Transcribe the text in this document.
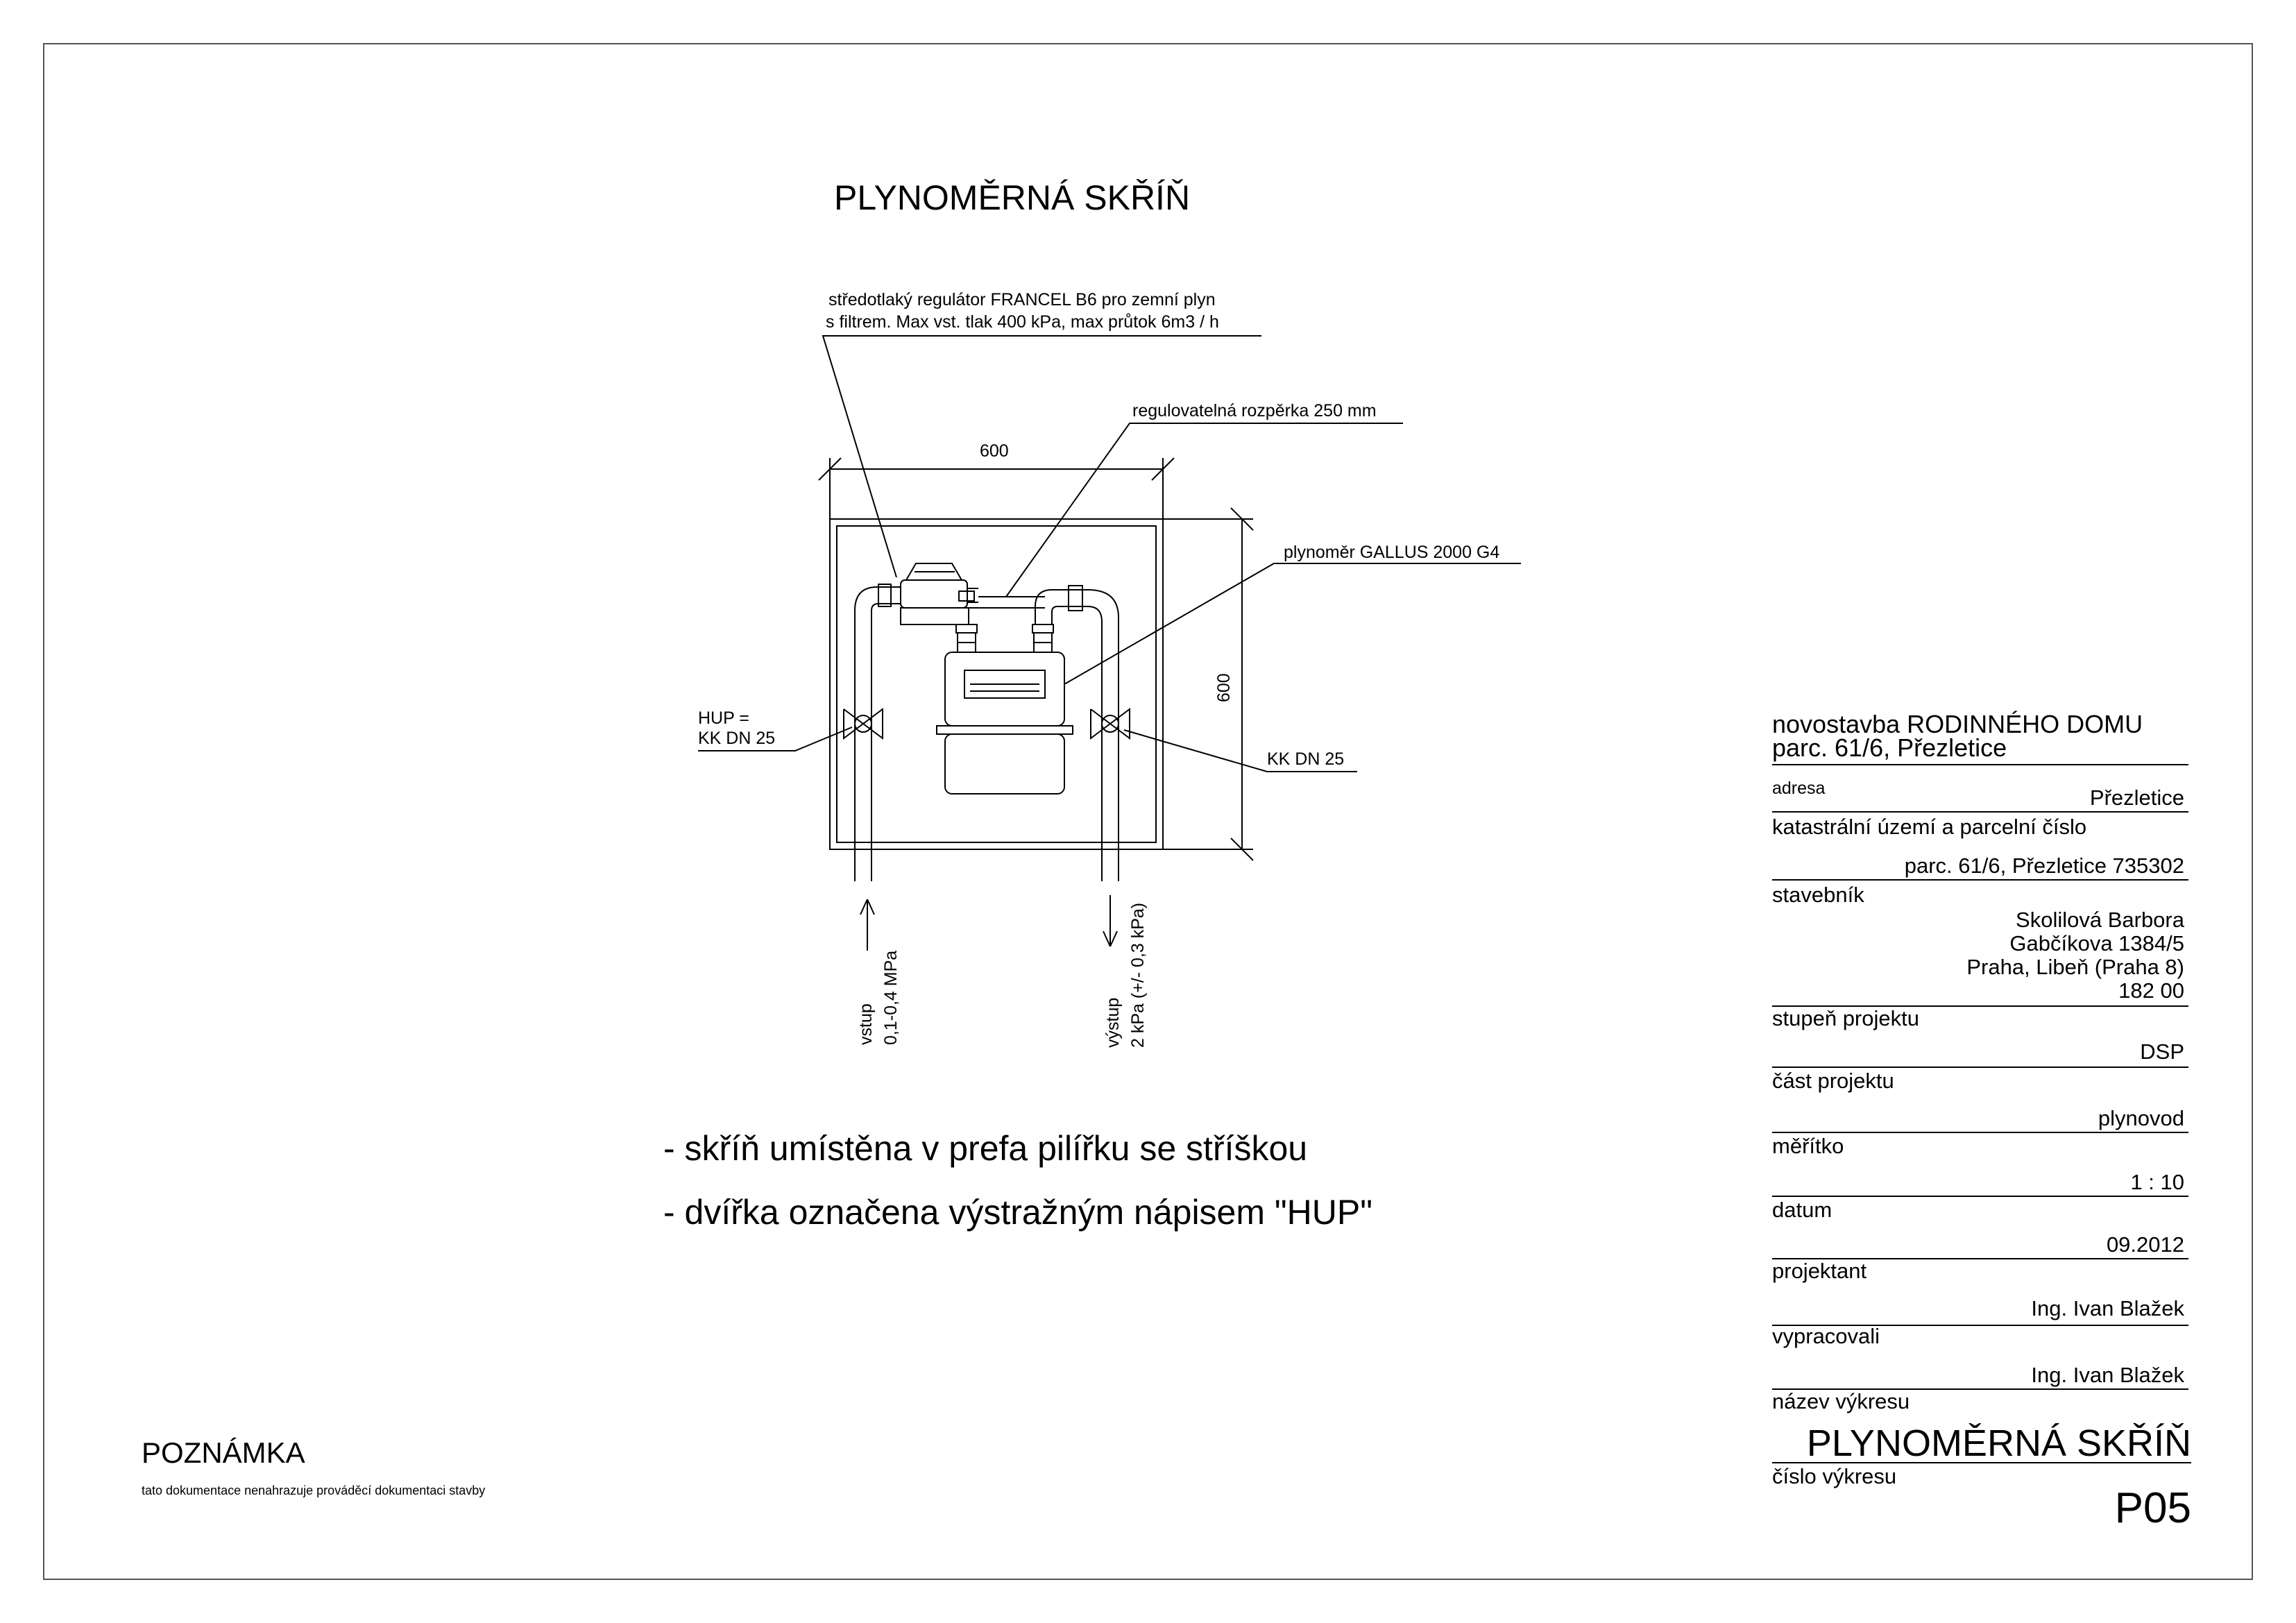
PLYNOMĚRNÁ SKŘÍŇ
středotlaký regulátor FRANCEL B6 pro zemní plyn
s filtrem. Max vst. tlak 400 kPa, max průtok 6m3 / h
regulovatelná rozpěrka 250 mm
plynoměr GALLUS 2000 G4
HUP =
KK DN 25
KK DN 25
600
600
vstup 0,1-0,4 MPa	výstup 2 kPa (+/- 0,3 kPa)
- skříň umístěna v prefa pilířku se stříškou
- dvířka označena výstražným nápisem "HUP"
POZNÁMKA
tato dokumentace nenahrazuje prováděcí dokumentaci stavby
novostavba RODINNÉHO DOMU
parc. 61/6, Přezletice
adresa	Přezletice
katastrální území a parcelní číslo
parc. 61/6, Přezletice 735302
stavebník
Skolilová Barbora
Gabčíkova 1384/5
Praha, Libeň (Praha 8)
182 00
stupeň projektu
DSP
část projektu
plynovod
měřítko
1 : 10
datum
09.2012
projektant
Ing. Ivan Blažek
vypracovali
Ing. Ivan Blažek
název výkresu
PLYNOMĚRNÁ SKŘÍŇ
číslo výkresu
P05
